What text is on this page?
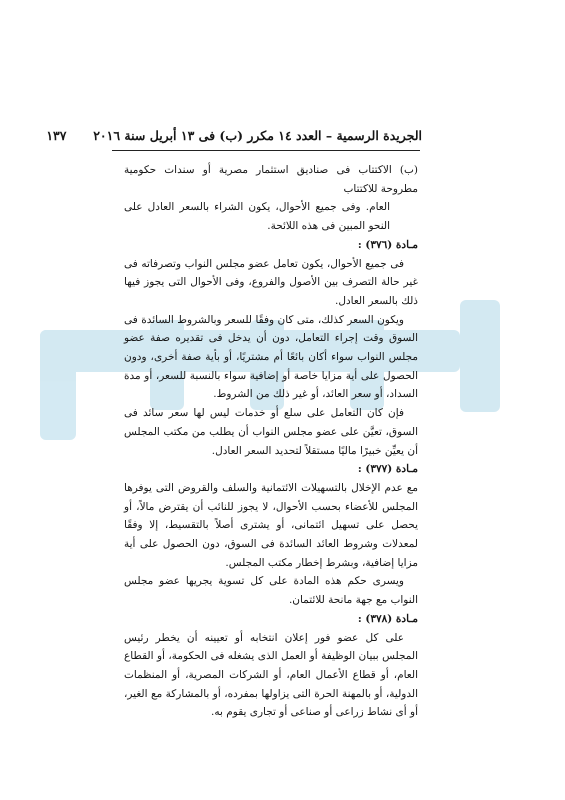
المجلد
الجريدة الرسمية – العدد ١٤ مكرر (ب) فى ١٣ أبريل سنة ٢٠١٦  ١٣٧

(ب) الاكتتاب فى صناديق استثمار مصرية أو سندات حكومية مطروحة للاكتتاب

العام. وفى جميع الأحوال، يكون الشراء بالسعر العادل على النحو المبين فى هذه اللائحة.

مـادة (٣٧٦) :

فى جميع الأحوال، يكون تعامل عضو مجلس النواب وتصرفاته فى غير حالة التصرف بين الأصول والفروع، وفى الأحوال التى يجوز فيها ذلك بالسعر العادل.

ويكون السعر كذلك، متى كان وفقًا للسعر وبالشروط السائدة فى السوق وقت إجراء التعامل، دون أن يدخل فى تقديره صفة عضو مجلس النواب سواء أكان بائعًا أم مشتريًا، أو بأية صفة أخرى، ودون الحصول على أية مزايا خاصة أو إضافية سواء بالنسبة للسعر، أو مدة السداد، أو سعر العائد، أو غير ذلك من الشروط.

فإن كان التعامل على سلع أو خدمات ليس لها سعر سائد فى السوق، تعيَّن على عضو مجلس النواب أن يطلب من مكتب المجلس أن يعيِّن خبيرًا ماليًا مستقلاً لتحديد السعر العادل.

مـادة (٣٧٧) :

مع عدم الإخلال بالتسهيلات الائتمانية والسلف والقروض التى يوفرها المجلس للأعضاء بحسب الأحوال، لا يجوز للنائب أن يقترض مالاً، أو يحصل على تسهيل ائتمانى، أو يشترى أصلاً بالتقسيط، إلا وفقًا لمعدلات وشروط العائد السائدة فى السوق، دون الحصول على أية مزايا إضافية، وبشرط إخطار مكتب المجلس.

ويسرى حكم هذه المادة على كل تسوية يجريها عضو مجلس النواب مع جهة مانحة للائتمان.

مـادة (٣٧٨) :

على كل عضو فور إعلان انتخابه أو تعيينه أن يخطر رئيس المجلس ببيان الوظيفة أو العمل الذى يشغله فى الحكومة، أو القطاع العام، أو قطاع الأعمال العام، أو الشركات المصرية، أو المنظمات الدولية، أو بالمهنة الحرة التى يزاولها بمفرده، أو بالمشاركة مع الغير، أو أى نشاط زراعى أو صناعى أو تجارى يقوم به.
